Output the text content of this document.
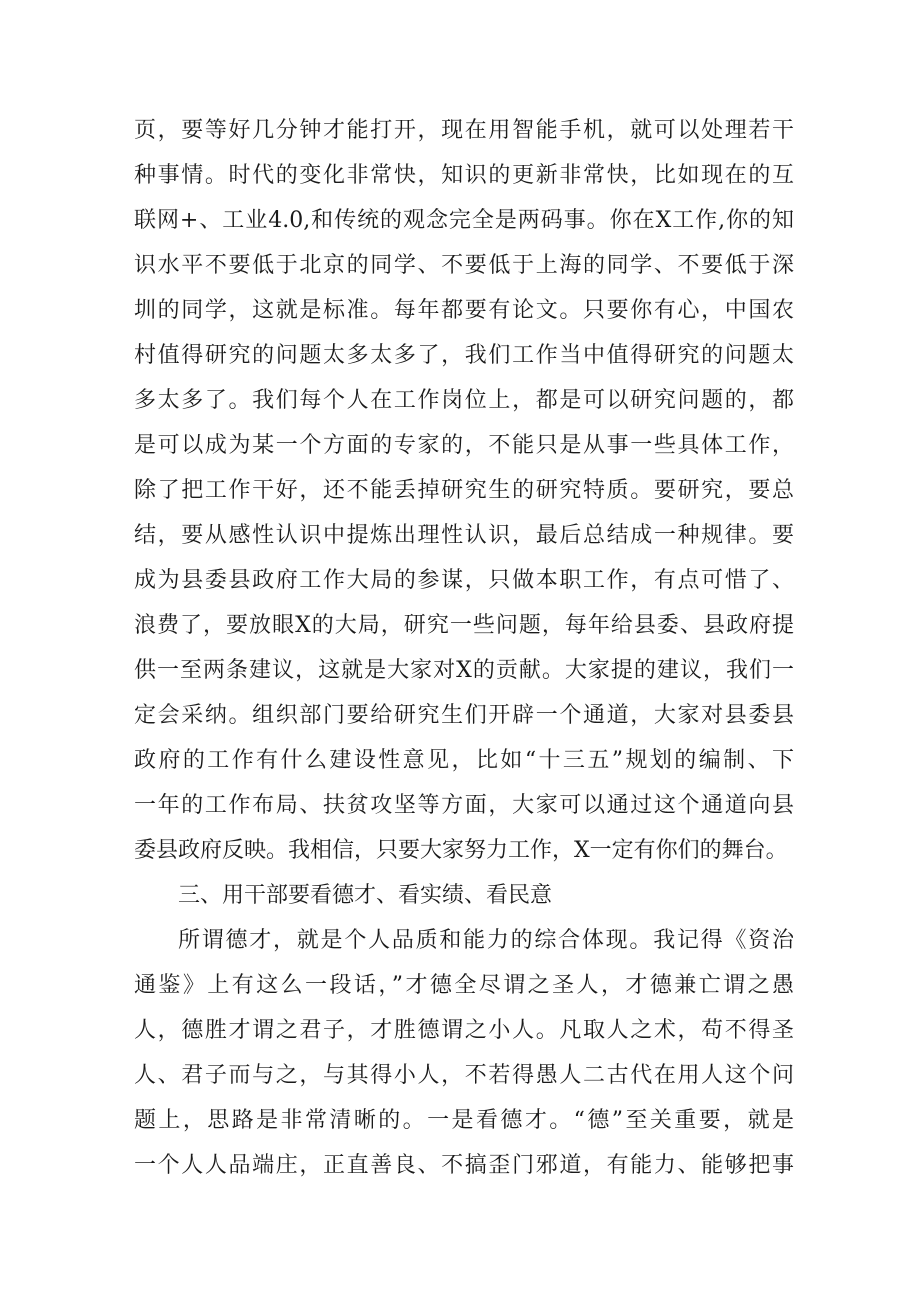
页，要等好几分钟才能打开，现在用智能手机，就可以处理若干
种事情。时代的变化非常快，知识的更新非常快，比如现在的互
联网+、工业4.0,和传统的观念完全是两码事。你在X工作,你的知
识水平不要低于北京的同学、不要低于上海的同学、不要低于深
圳的同学，这就是标准。每年都要有论文。只要你有心，中国农
村值得研究的问题太多太多了，我们工作当中值得研究的问题太
多太多了。我们每个人在工作岗位上，都是可以研究问题的，都
是可以成为某一个方面的专家的，不能只是从事一些具体工作，
除了把工作干好，还不能丢掉研究生的研究特质。要研究，要总
结，要从感性认识中提炼出理性认识，最后总结成一种规律。要
成为县委县政府工作大局的参谋，只做本职工作，有点可惜了、
浪费了，要放眼X的大局，研究一些问题，每年给县委、县政府提
供一至两条建议，这就是大家对X的贡献。大家提的建议，我们一
定会采纳。组织部门要给研究生们开辟一个通道，大家对县委县
政府的工作有什么建设性意见，比如“十三五”规划的编制、下
一年的工作布局、扶贫攻坚等方面，大家可以通过这个通道向县
委县政府反映。我相信，只要大家努力工作，X一定有你们的舞台。
三、用干部要看德才、看实绩、看民意
所谓德才，就是个人品质和能力的综合体现。我记得《资治
通鉴》上有这么一段话，”才德全尽谓之圣人，才德兼亡谓之愚
人，德胜才谓之君子，才胜德谓之小人。凡取人之术，苟不得圣
人、君子而与之，与其得小人，不若得愚人二古代在用人这个问
题上，思路是非常清晰的。一是看德才。“德”至关重要，就是
一个人人品端庄，正直善良、不搞歪门邪道，有能力、能够把事
